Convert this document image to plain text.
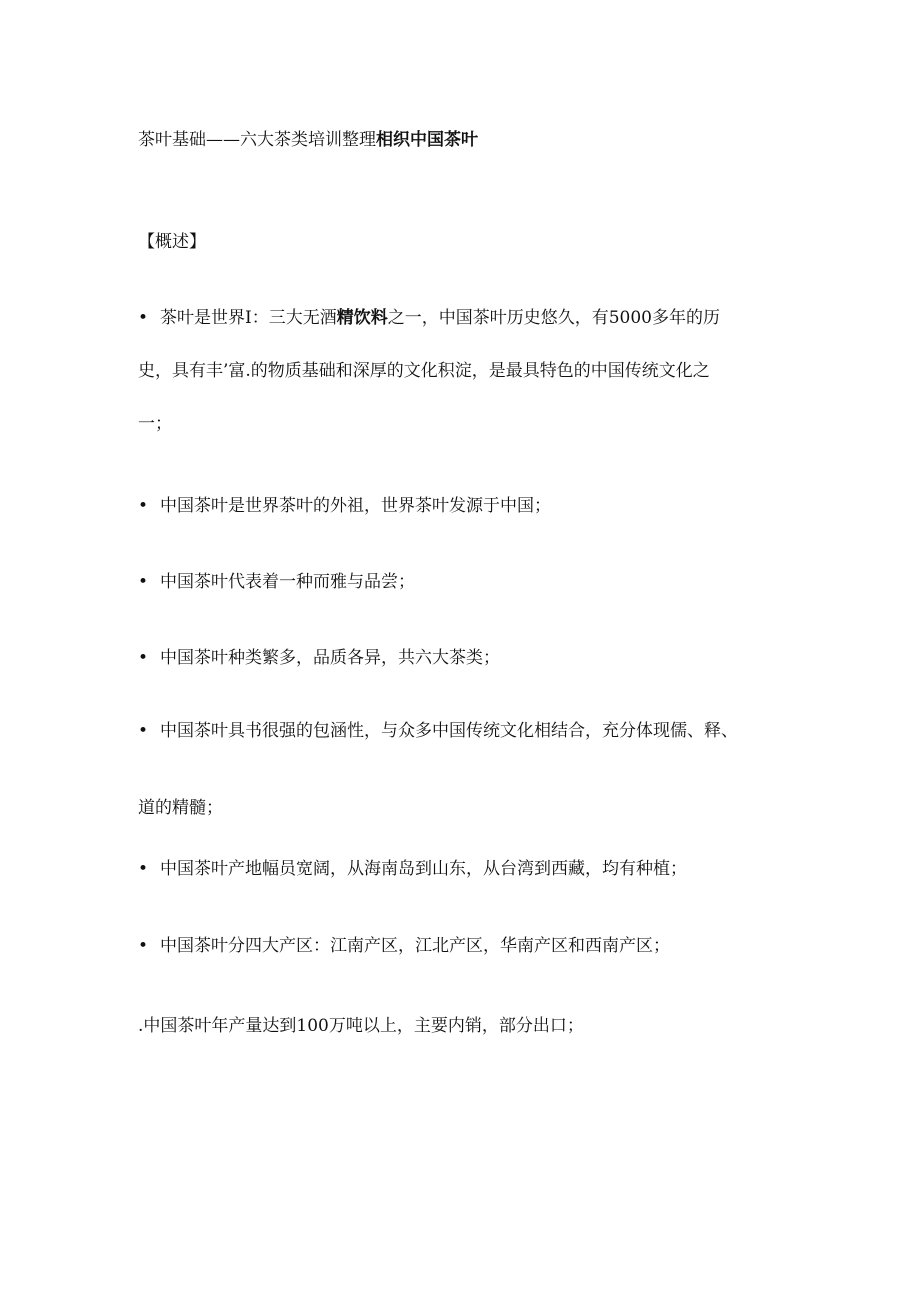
茶叶基础——六大茶类培训整理相织中国茶叶
【概述】
• 茶叶是世界I：三大无酒精饮料之一，中国茶叶历史悠久，有5000多年的历
史，具有丰’富.的物质基础和深厚的文化积淀，是最具特色的中国传统文化之
一；
• 中国茶叶是世界茶叶的外祖，世界茶叶发源于中国；
• 中国茶叶代表着一种而雅与品尝；
• 中国茶叶种类繁多，品质各异，共六大茶类；
• 中国茶叶具书很强的包涵性，与众多中国传统文化相结合，充分体现儒、释、
道的精髓；
• 中国茶叶产地幅员宽阔，从海南岛到山东，从台湾到西藏，均有种植；
• 中国茶叶分四大产区：江南产区，江北产区，华南产区和西南产区；
.中国茶叶年产量达到100万吨以上，主要内销，部分出口；
